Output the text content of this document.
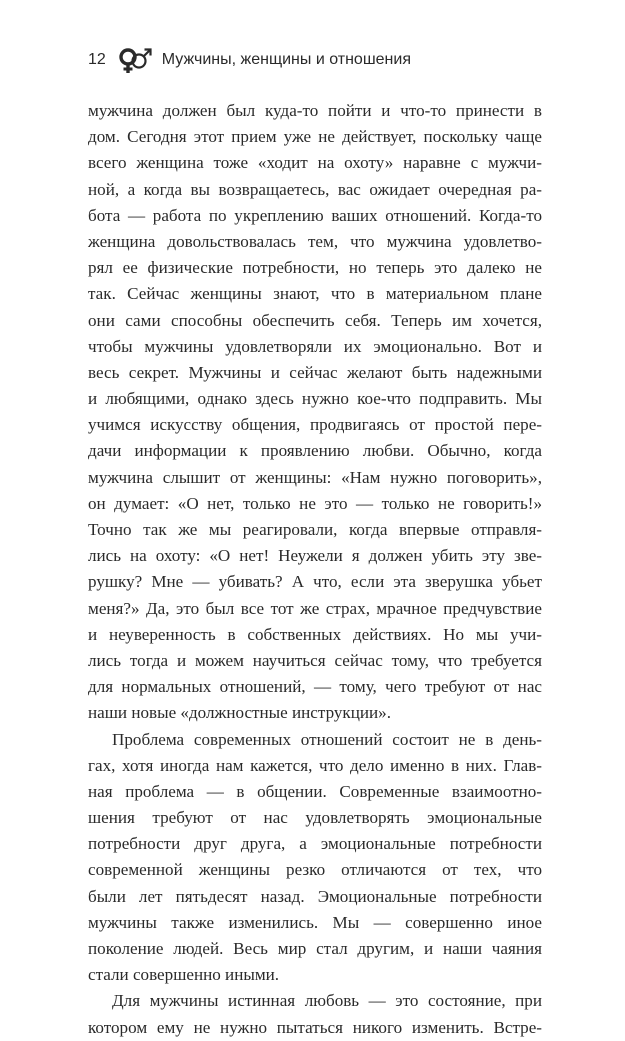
12	Мужчины, женщины и отношения
мужчина должен был куда-то пойти и что-то принести в
дом. Сегодня этот прием уже не действует, поскольку чаще
всего женщина тоже «ходит на охоту» наравне с мужчи-
ной, а когда вы возвращаетесь, вас ожидает очередная ра-
бота — работа по укреплению ваших отношений. Когда-то
женщина довольствовалась тем, что мужчина удовлетво-
рял ее физические потребности, но теперь это далеко не
так. Сейчас женщины знают, что в материальном плане
они сами способны обеспечить себя. Теперь им хочется,
чтобы мужчины удовлетворяли их эмоционально. Вот и
весь секрет. Мужчины и сейчас желают быть надежными
и любящими, однако здесь нужно кое-что подправить. Мы
учимся искусству общения, продвигаясь от простой пере-
дачи информации к проявлению любви. Обычно, когда
мужчина слышит от женщины: «Нам нужно поговорить»,
он думает: «О нет, только не это — только не говорить!»
Точно так же мы реагировали, когда впервые отправля-
лись на охоту: «О нет! Неужели я должен убить эту зве-
рушку? Мне — убивать? А что, если эта зверушка убьет
меня?» Да, это был все тот же страх, мрачное предчувствие
и неуверенность в собственных действиях. Но мы учи-
лись тогда и можем научиться сейчас тому, что требуется
для нормальных отношений, — тому, чего требуют от нас
наши новые «должностные инструкции».
Проблема современных отношений состоит не в день-
гах, хотя иногда нам кажется, что дело именно в них. Глав-
ная проблема — в общении. Современные взаимоотно-
шения требуют от нас удовлетворять эмоциональные
потребности друг друга, а эмоциональные потребности
современной женщины резко отличаются от тех, что
были лет пятьдесят назад. Эмоциональные потребности
мужчины также изменились. Мы — совершенно иное
поколение людей. Весь мир стал другим, и наши чаяния
стали совершенно иными.
Для мужчины истинная любовь — это состояние, при
котором ему не нужно пытаться никого изменить. Встре-
